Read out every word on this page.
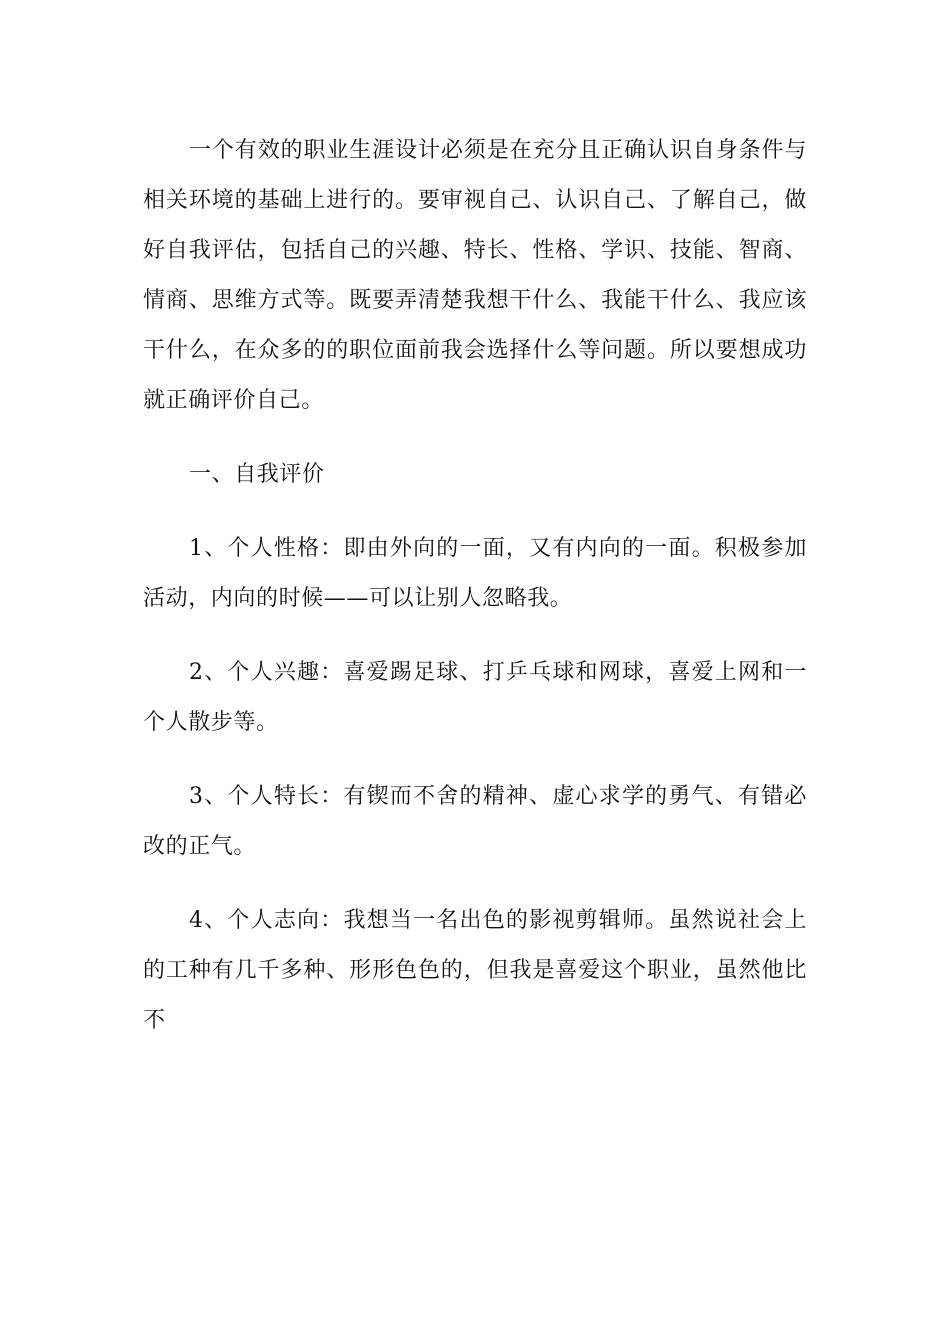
一个有效的职业生涯设计必须是在充分且正确认识自身条件与相关环境的基础上进行的。要审视自己、认识自己、了解自己，做好自我评估，包括自己的兴趣、特长、性格、学识、技能、智商、情商、思维方式等。既要弄清楚我想干什么、我能干什么、我应该干什么，在众多的的职位面前我会选择什么等问题。所以要想成功就正确评价自己。

一、自我评价

1、个人性格：即由外向的一面，又有内向的一面。积极参加活动，内向的时候——可以让别人忽略我。

2、个人兴趣：喜爱踢足球、打乒乓球和网球，喜爱上网和一个人散步等。

3、个人特长：有锲而不舍的精神、虚心求学的勇气、有错必改的正气。

4、个人志向：我想当一名出色的影视剪辑师。虽然说社会上的工种有几千多种、形形色色的，但我是喜爱这个职业，虽然他比不
